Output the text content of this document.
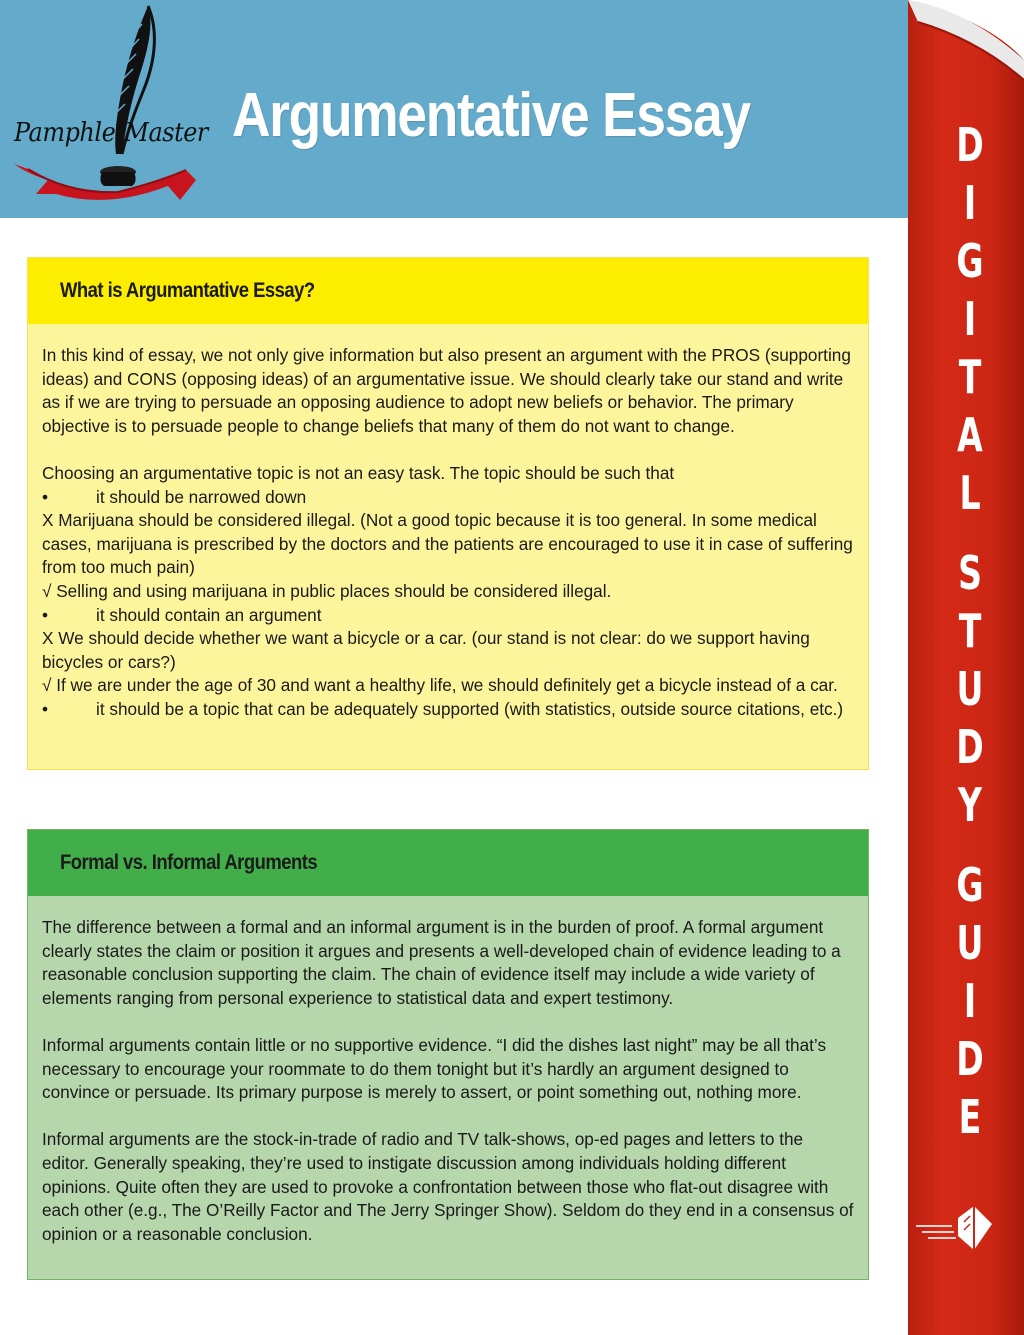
PamphletMaster Argumentative Essay	D
I
G
I
T
A
L
S
T
U
D
Y
G
U
I
D
E
What is Argumantative Essay?

In this kind of essay, we not only give information but also present an argument with the PROS (supporting ideas) and CONS (opposing ideas) of an argumentative issue. We should clearly take our stand and write as if we are trying to persuade an opposing audience to adopt new beliefs or behavior. The primary objective is to persuade people to change beliefs that many of them do not want to change.

Choosing an argumentative topic is not an easy task. The topic should be such that

•	it should be narrowed down

X Marijuana should be considered illegal. (Not a good topic because it is too general. In some medical cases, marijuana is prescribed by the doctors and the patients are encouraged to use it in case of suffering from too much pain)

√ Selling and using marijuana in public places should be considered illegal.

•	it should contain an argument

X We should decide whether we want a bicycle or a car. (our stand is not clear: do we support having bicycles or cars?)

√ If we are under the age of 30 and want a healthy life, we should definitely get a bicycle instead of a car.

•	it should be a topic that can be adequately supported (with statistics, outside source citations, etc.)
Formal vs. Informal Arguments

The difference between a formal and an informal argument is in the burden of proof. A formal argument clearly states the claim or position it argues and presents a well-developed chain of evidence leading to a reasonable conclusion supporting the claim. The chain of evidence itself may include a wide variety of elements ranging from personal experience to statistical data and expert testimony.

Informal arguments contain little or no supportive evidence. “I did the dishes last night” may be all that’s necessary to encourage your roommate to do them tonight but it’s hardly an argument designed to convince or persuade. Its primary purpose is merely to assert, or point something out, nothing more.

Informal arguments are the stock-in-trade of radio and TV talk-shows, op-ed pages and letters to the editor. Generally speaking, they’re used to instigate discussion among individuals holding different opinions. Quite often they are used to provoke a confrontation between those who flat-out disagree with each other (e.g., The O’Reilly Factor and The Jerry Springer Show). Seldom do they end in a consensus of opinion or a reasonable conclusion.
